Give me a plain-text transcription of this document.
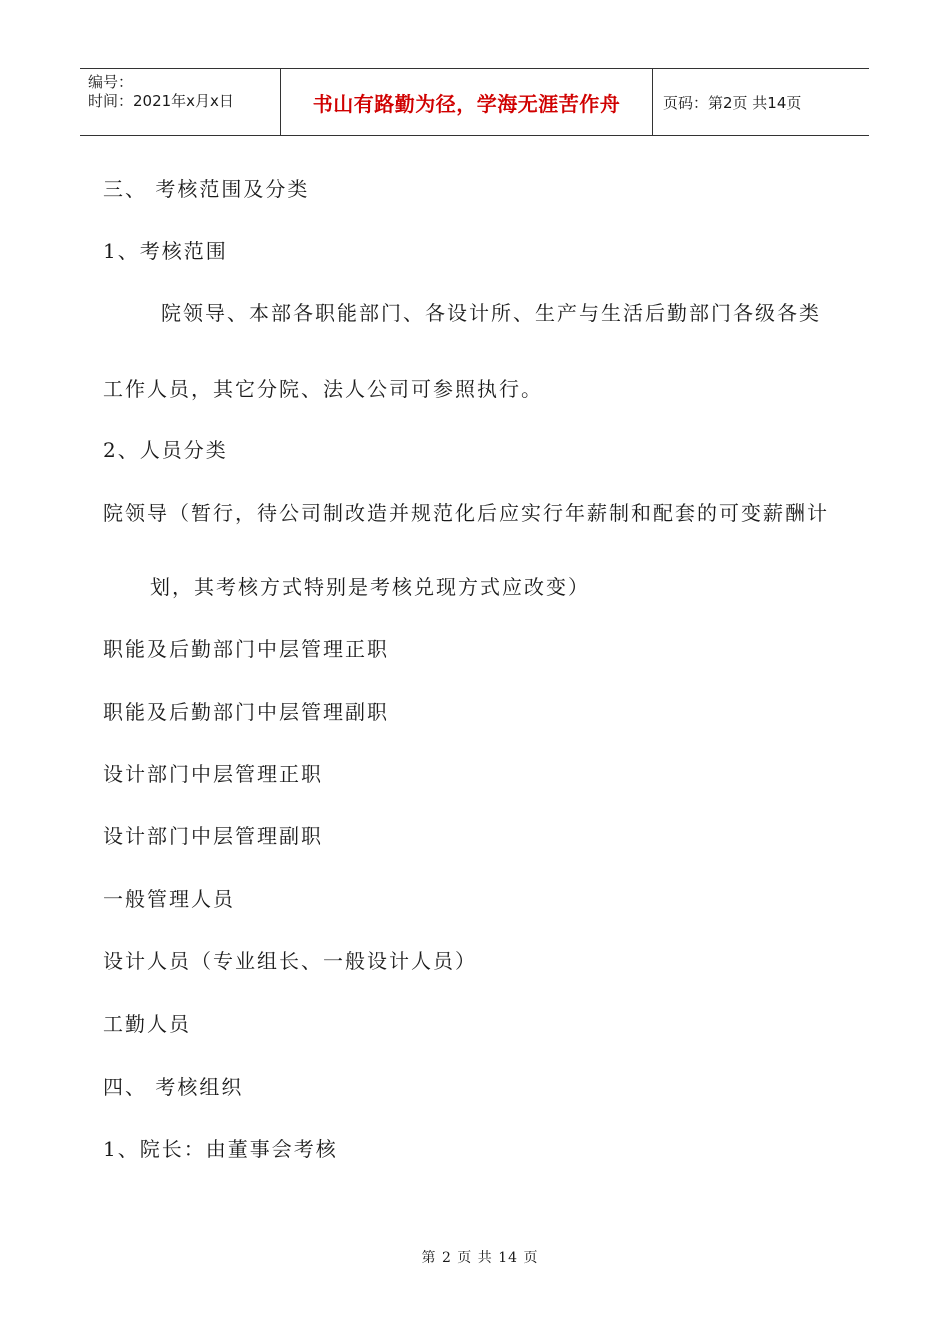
编号：
时间：2021年x月x日	书山有路勤为径，学海无涯苦作舟	页码：第2页 共14页
三、 考核范围及分类
1、考核范围
院领导、本部各职能部门、各设计所、生产与生活后勤部门各级各类
工作人员，其它分院、法人公司可参照执行。
2、人员分类
院领导（暂行，待公司制改造并规范化后应实行年薪制和配套的可变薪酬计
划，其考核方式特别是考核兑现方式应改变）
职能及后勤部门中层管理正职
职能及后勤部门中层管理副职
设计部门中层管理正职
设计部门中层管理副职
一般管理人员
设计人员（专业组长、一般设计人员）
工勤人员
四、 考核组织
1、院长：由董事会考核
第 2 页 共 14 页
